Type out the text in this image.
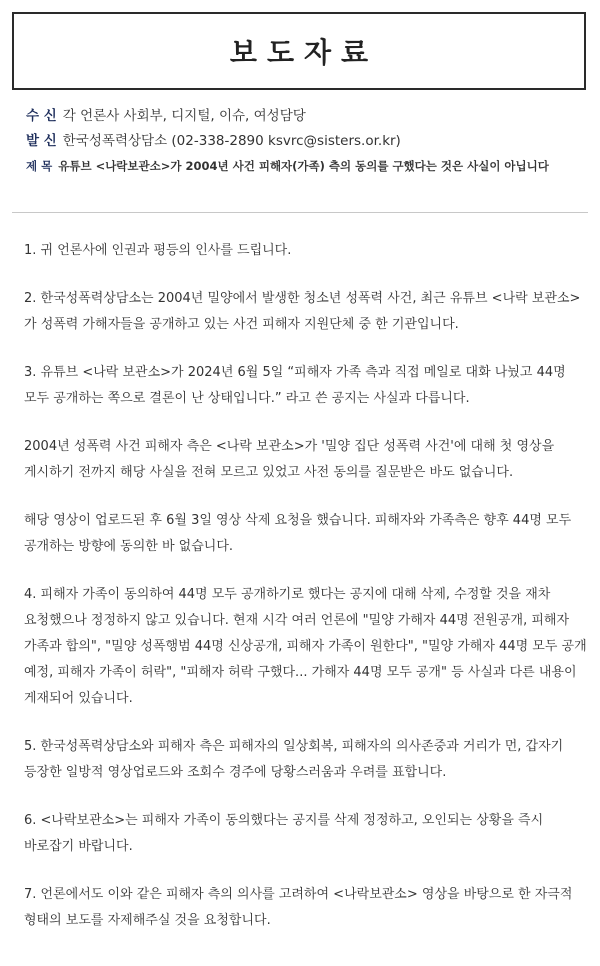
보도자료
수 신 각 언론사 사회부, 디지털, 이슈, 여성담당
발 신 한국성폭력상담소 (02-338-2890 ksvrc@sisters.or.kr)
제 목 유튜브 <나락보관소>가 2004년 사건 피해자(가족) 측의 동의를 구했다는 것은 사실이 아닙니다

1. 귀 언론사에 인권과 평등의 인사를 드립니다.

2. 한국성폭력상담소는 2004년 밀양에서 발생한 청소년 성폭력 사건, 최근 유튜브 <나락 보관소>가 성폭력 가해자들을 공개하고 있는 사건 피해자 지원단체 중 한 기관입니다.

3. 유튜브 <나락 보관소>가 2024년 6월 5일 “피해자 가족 측과 직접 메일로 대화 나눴고 44명 모두 공개하는 쪽으로 결론이 난 상태입니다.” 라고 쓴 공지는 사실과 다릅니다.

2004년 성폭력 사건 피해자 측은 <나락 보관소>가 '밀양 집단 성폭력 사건'에 대해 첫 영상을 게시하기 전까지 해당 사실을 전혀 모르고 있었고 사전 동의를 질문받은 바도 없습니다.

해당 영상이 업로드된 후 6월 3일 영상 삭제 요청을 했습니다. 피해자와 가족측은 향후 44명 모두 공개하는 방향에 동의한 바 없습니다.

4. 피해자 가족이 동의하여 44명 모두 공개하기로 했다는 공지에 대해 삭제, 수정할 것을 재차 요청했으나 정정하지 않고 있습니다. 현재 시각 여러 언론에 "밀양 가해자 44명 전원공개, 피해자 가족과 합의", "밀양 성폭행범 44명 신상공개, 피해자 가족이 원한다", "밀양 가해자 44명 모두 공개 예정, 피해자 가족이 허락", "피해자 허락 구했다... 가해자 44명 모두 공개" 등 사실과 다른 내용이 게재되어 있습니다.

5. 한국성폭력상담소와 피해자 측은 피해자의 일상회복, 피해자의 의사존중과 거리가 먼, 갑자기 등장한 일방적 영상업로드와 조회수 경주에 당황스러움과 우려를 표합니다.

6. <나락보관소>는 피해자 가족이 동의했다는 공지를 삭제 정정하고, 오인되는 상황을 즉시 바로잡기 바랍니다.

7. 언론에서도 이와 같은 피해자 측의 의사를 고려하여 <나락보관소> 영상을 바탕으로 한 자극적 형태의 보도를 자제해주실 것을 요청합니다.
